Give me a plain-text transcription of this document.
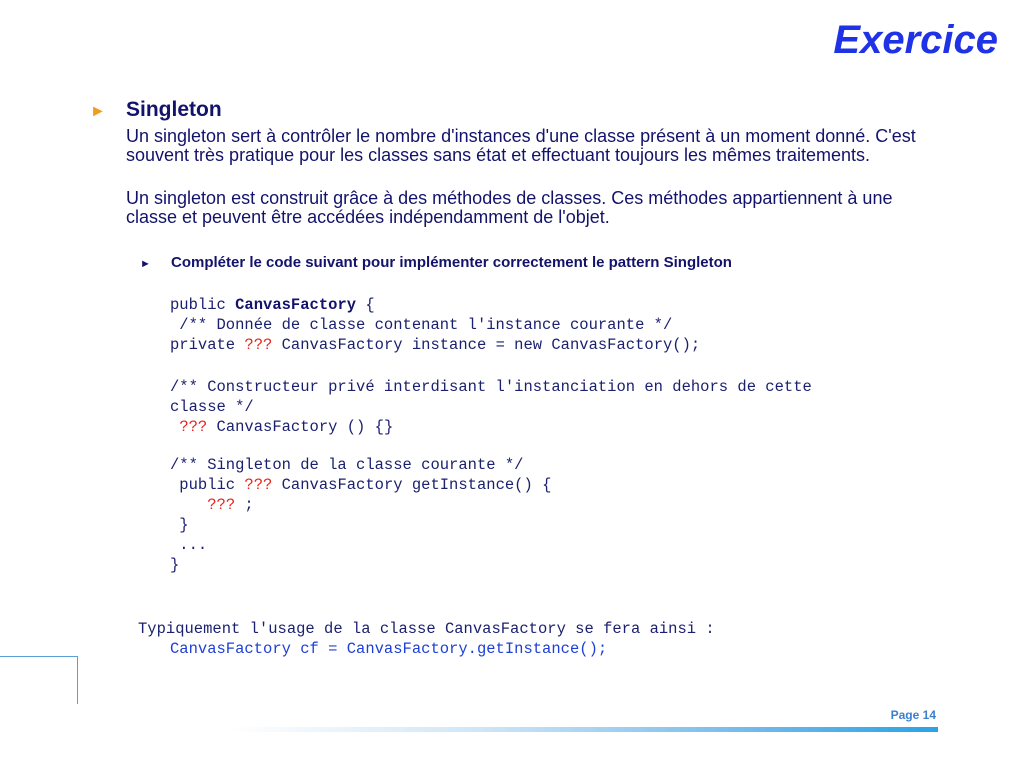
Exercice
► Singleton
Un singleton sert à contrôler le nombre d'instances d'une classe présent à un moment donné. C'est souvent très pratique pour les classes sans état et effectuant toujours les mêmes traitements.
Un singleton est construit grâce à des méthodes de classes. Ces méthodes appartiennent à une classe et peuvent être accédées indépendamment de l'objet.
► Compléter le code suivant pour implémenter correctement le pattern Singleton
public CanvasFactory {
/** Donnée de classe contenant l'instance courante */
private ??? CanvasFactory instance = new CanvasFactory();
/** Constructeur privé interdisant l'instanciation en dehors de cette
classe */
??? CanvasFactory () {}
/** Singleton de la classe courante */
public ??? CanvasFactory getInstance() {
??? ;
}
...
}
Typiquement l'usage de la classe CanvasFactory se fera ainsi :
CanvasFactory cf = CanvasFactory.getInstance();
Page 14
